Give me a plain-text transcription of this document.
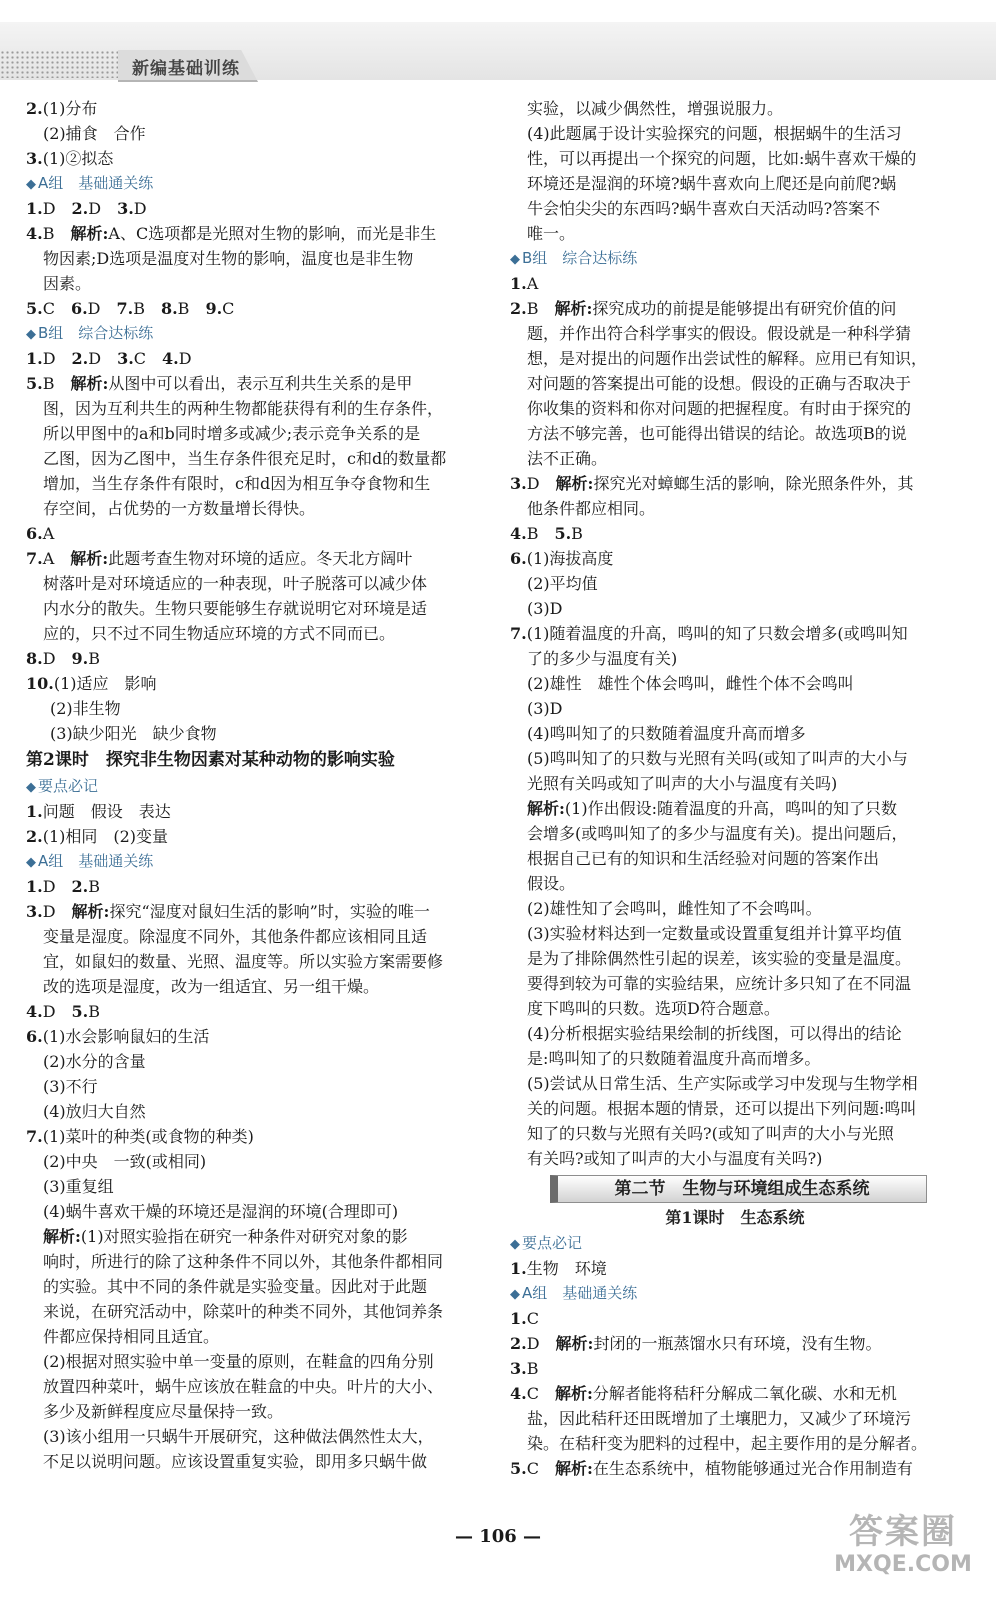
新编基础训练
2.(1)分布
(2)捕食　合作
3.(1)②拟态
◆ A组　基础通关练
1.D　2.D　3.D
4.B　解析:A、C选项都是光照对生物的影响，而光是非生
物因素;D选项是温度对生物的影响，温度也是非生物
因素。
5.C　6.D　7.B　8.B　9.C
◆ B组　综合达标练
1.D　2.D　3.C　4.D
5.B　解析:从图中可以看出，表示互利共生关系的是甲
图，因为互利共生的两种生物都能获得有利的生存条件，
所以甲图中的a和b同时增多或减少;表示竞争关系的是
乙图，因为乙图中，当生存条件很充足时，c和d的数量都
增加，当生存条件有限时，c和d因为相互争夺食物和生
存空间，占优势的一方数量增长得快。
6.A
7.A　解析:此题考查生物对环境的适应。冬天北方阔叶
树落叶是对环境适应的一种表现，叶子脱落可以减少体
内水分的散失。生物只要能够生存就说明它对环境是适
应的，只不过不同生物适应环境的方式不同而已。
8.D　9.B
10.(1)适应　影响
(2)非生物
(3)缺少阳光　缺少食物
第2课时　探究非生物因素对某种动物的影响实验
◆ 要点必记
1.问题　假设　表达
2.(1)相同　(2)变量
◆ A组　基础通关练
1.D　2.B
3.D　解析:探究“湿度对鼠妇生活的影响”时，实验的唯一
变量是湿度。除湿度不同外，其他条件都应该相同且适
宜，如鼠妇的数量、光照、温度等。所以实验方案需要修
改的选项是湿度，改为一组适宜、另一组干燥。
4.D　5.B
6.(1)水会影响鼠妇的生活
(2)水分的含量
(3)不行
(4)放归大自然
7.(1)菜叶的种类(或食物的种类)
(2)中央　一致(或相同)
(3)重复组
(4)蜗牛喜欢干燥的环境还是湿润的环境(合理即可)
解析:(1)对照实验指在研究一种条件对研究对象的影
响时，所进行的除了这种条件不同以外，其他条件都相同
的实验。其中不同的条件就是实验变量。因此对于此题
来说，在研究活动中，除菜叶的种类不同外，其他饲养条
件都应保持相同且适宜。
(2)根据对照实验中单一变量的原则，在鞋盒的四角分别
放置四种菜叶，蜗牛应该放在鞋盒的中央。叶片的大小、
多少及新鲜程度应尽量保持一致。
(3)该小组用一只蜗牛开展研究，这种做法偶然性太大，
不足以说明问题。应该设置重复实验，即用多只蜗牛做
实验，以减少偶然性，增强说服力。
(4)此题属于设计实验探究的问题，根据蜗牛的生活习
性，可以再提出一个探究的问题，比如:蜗牛喜欢干燥的
环境还是湿润的环境?蜗牛喜欢向上爬还是向前爬?蜗
牛会怕尖尖的东西吗?蜗牛喜欢白天活动吗?答案不
唯一。
◆ B组　综合达标练
1.A
2.B　解析:探究成功的前提是能够提出有研究价值的问
题，并作出符合科学事实的假设。假设就是一种科学猜
想，是对提出的问题作出尝试性的解释。应用已有知识，
对问题的答案提出可能的设想。假设的正确与否取决于
你收集的资料和你对问题的把握程度。有时由于探究的
方法不够完善，也可能得出错误的结论。故选项B的说
法不正确。
3.D　解析:探究光对蟑螂生活的影响，除光照条件外，其
他条件都应相同。
4.B　5.B
6.(1)海拔高度
(2)平均值
(3)D
7.(1)随着温度的升高，鸣叫的知了只数会增多(或鸣叫知
了的多少与温度有关)
(2)雄性　雄性个体会鸣叫，雌性个体不会鸣叫
(3)D
(4)鸣叫知了的只数随着温度升高而增多
(5)鸣叫知了的只数与光照有关吗(或知了叫声的大小与
光照有关吗或知了叫声的大小与温度有关吗)
解析:(1)作出假设:随着温度的升高，鸣叫的知了只数
会增多(或鸣叫知了的多少与温度有关)。提出问题后，
根据自己已有的知识和生活经验对问题的答案作出
假设。
(2)雄性知了会鸣叫，雌性知了不会鸣叫。
(3)实验材料达到一定数量或设置重复组并计算平均值
是为了排除偶然性引起的误差，该实验的变量是温度。
要得到较为可靠的实验结果，应统计多只知了在不同温
度下鸣叫的只数。选项D符合题意。
(4)分析根据实验结果绘制的折线图，可以得出的结论
是:鸣叫知了的只数随着温度升高而增多。
(5)尝试从日常生活、生产实际或学习中发现与生物学相
关的问题。根据本题的情景，还可以提出下列问题:鸣叫
知了的只数与光照有关吗?(或知了叫声的大小与光照
有关吗?或知了叫声的大小与温度有关吗?)
第二节　生物与环境组成生态系统
第1课时　生态系统
◆ 要点必记
1.生物　环境
◆ A组　基础通关练
1.C
2.D　解析:封闭的一瓶蒸馏水只有环境，没有生物。
3.B
4.C　解析:分解者能将秸秆分解成二氧化碳、水和无机
盐，因此秸秆还田既增加了土壤肥力，又减少了环境污
染。在秸秆变为肥料的过程中，起主要作用的是分解者。
5.C　解析:在生态系统中，植物能够通过光合作用制造有
— 106 —	答案圈
MXQE.COM
